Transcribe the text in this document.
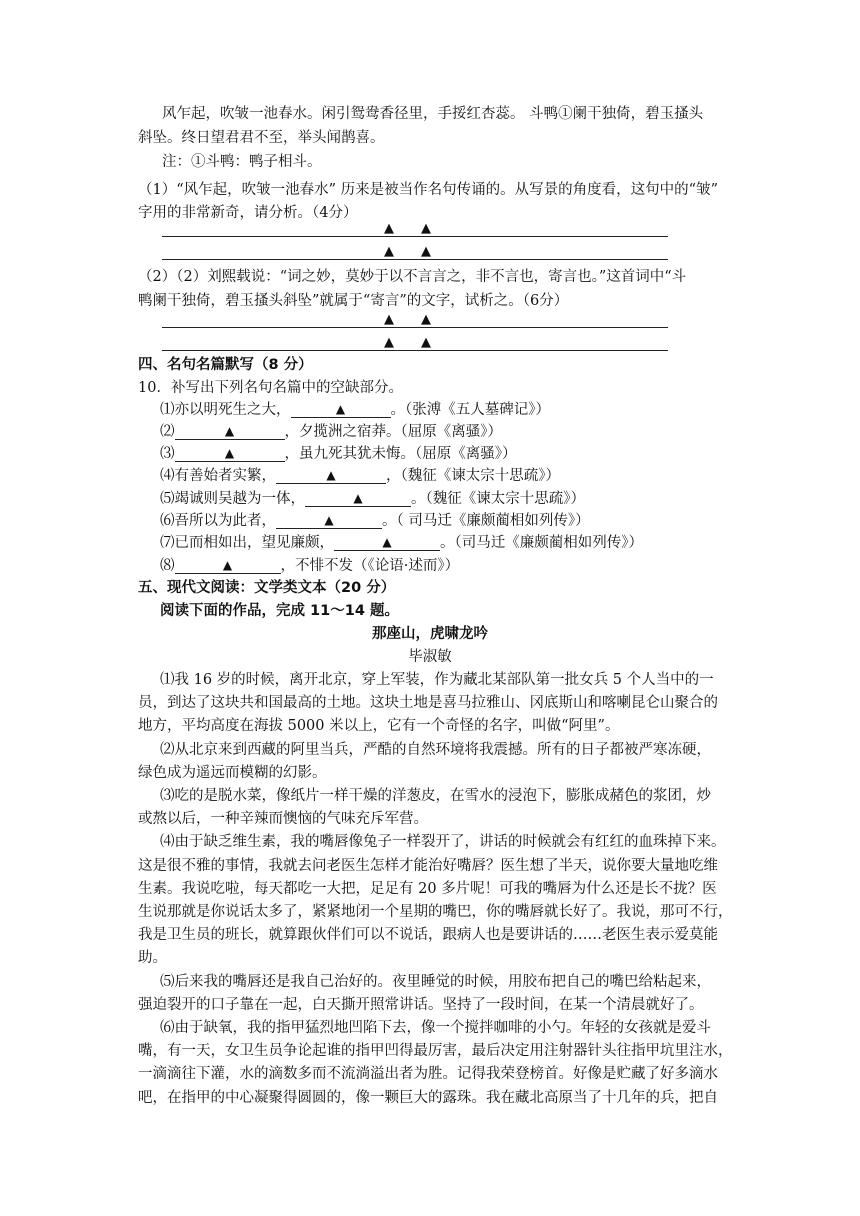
风乍起，吹皱一池春水。闲引鸳鸯香径里，手挼红杏蕊。 斗鸭①阑干独倚，碧玉搔头
斜坠。终日望君君不至，举头闻鹊喜。
注：①斗鸭：鸭子相斗。
（1）“风乍起，吹皱一池春水” 历来是被当作名句传诵的。从写景的角度看，这句中的“皱”
字用的非常新奇，请分析。（4分）
▲ ▲
▲ ▲
（2）（2）刘熙载说：“词之妙，莫妙于以不言言之，非不言也，寄言也。”这首词中“斗
鸭阑干独倚，碧玉搔头斜坠”就属于“寄言”的文字，试析之。（6分）
▲ ▲
▲ ▲
四、名句名篇默写（8 分）
10．补写出下列名句名篇中的空缺部分。
⑴亦以明死生之大，	▲	。（张溥《五人墓碑记》）
⑵	▲	，夕揽洲之宿莽。（屈原《离骚》）
⑶	▲	，虽九死其犹未悔。（屈原《离骚》）
⑷有善始者实繁，	▲	，（魏征《谏太宗十思疏》）
⑸竭诚则吴越为一体，	▲	。（魏征《谏太宗十思疏》）
⑹吾所以为此者，	▲	。（ 司马迁《廉颇蔺相如列传》）
⑺已而相如出，望见廉颇，	▲	。（司马迁《廉颇蔺相如列传》）
⑻	▲	，不悱不发（《论语·述而》）
五、现代文阅读：文学类文本（20 分）
阅读下面的作品，完成 11～14 题。
那座山，虎啸龙吟
毕淑敏
⑴我 16 岁的时候，离开北京，穿上军装，作为藏北某部队第一批女兵 5 个人当中的一
员，到达了这块共和国最高的土地。这块土地是喜马拉雅山、冈底斯山和喀喇昆仑山聚合的
地方，平均高度在海拔 5000 米以上，它有一个奇怪的名字，叫做“阿里”。
⑵从北京来到西藏的阿里当兵，严酷的自然环境将我震撼。所有的日子都被严寒冻硬，
绿色成为遥远而模糊的幻影。
⑶吃的是脱水菜，像纸片一样干燥的洋葱皮，在雪水的浸泡下，膨胀成赭色的浆团，炒
或熬以后，一种辛辣而懊恼的气味充斥军营。
⑷由于缺乏维生素，我的嘴唇像兔子一样裂开了，讲话的时候就会有红红的血珠掉下来。
这是很不雅的事情，我就去问老医生怎样才能治好嘴唇？医生想了半天，说你要大量地吃维
生素。我说吃啦，每天都吃一大把，足足有 20 多片呢！可我的嘴唇为什么还是长不拢？医
生说那就是你说话太多了，紧紧地闭一个星期的嘴巴，你的嘴唇就长好了。我说，那可不行，
我是卫生员的班长，就算跟伙伴们可以不说话，跟病人也是要讲话的……老医生表示爱莫能
助。
⑸后来我的嘴唇还是我自己治好的。夜里睡觉的时候，用胶布把自己的嘴巴给粘起来，
强迫裂开的口子靠在一起，白天撕开照常讲话。坚持了一段时间，在某一个清晨就好了。
⑹由于缺氧，我的指甲猛烈地凹陷下去，像一个搅拌咖啡的小勺。年轻的女孩就是爱斗
嘴，有一天，女卫生员争论起谁的指甲凹得最厉害，最后决定用注射器针头往指甲坑里注水，
一滴滴往下灌，水的滴数多而不流淌溢出者为胜。记得我荣登榜首。好像是贮藏了好多滴水
吧，在指甲的中心凝聚得圆圆的，像一颗巨大的露珠。我在藏北高原当了十几年的兵，把自
